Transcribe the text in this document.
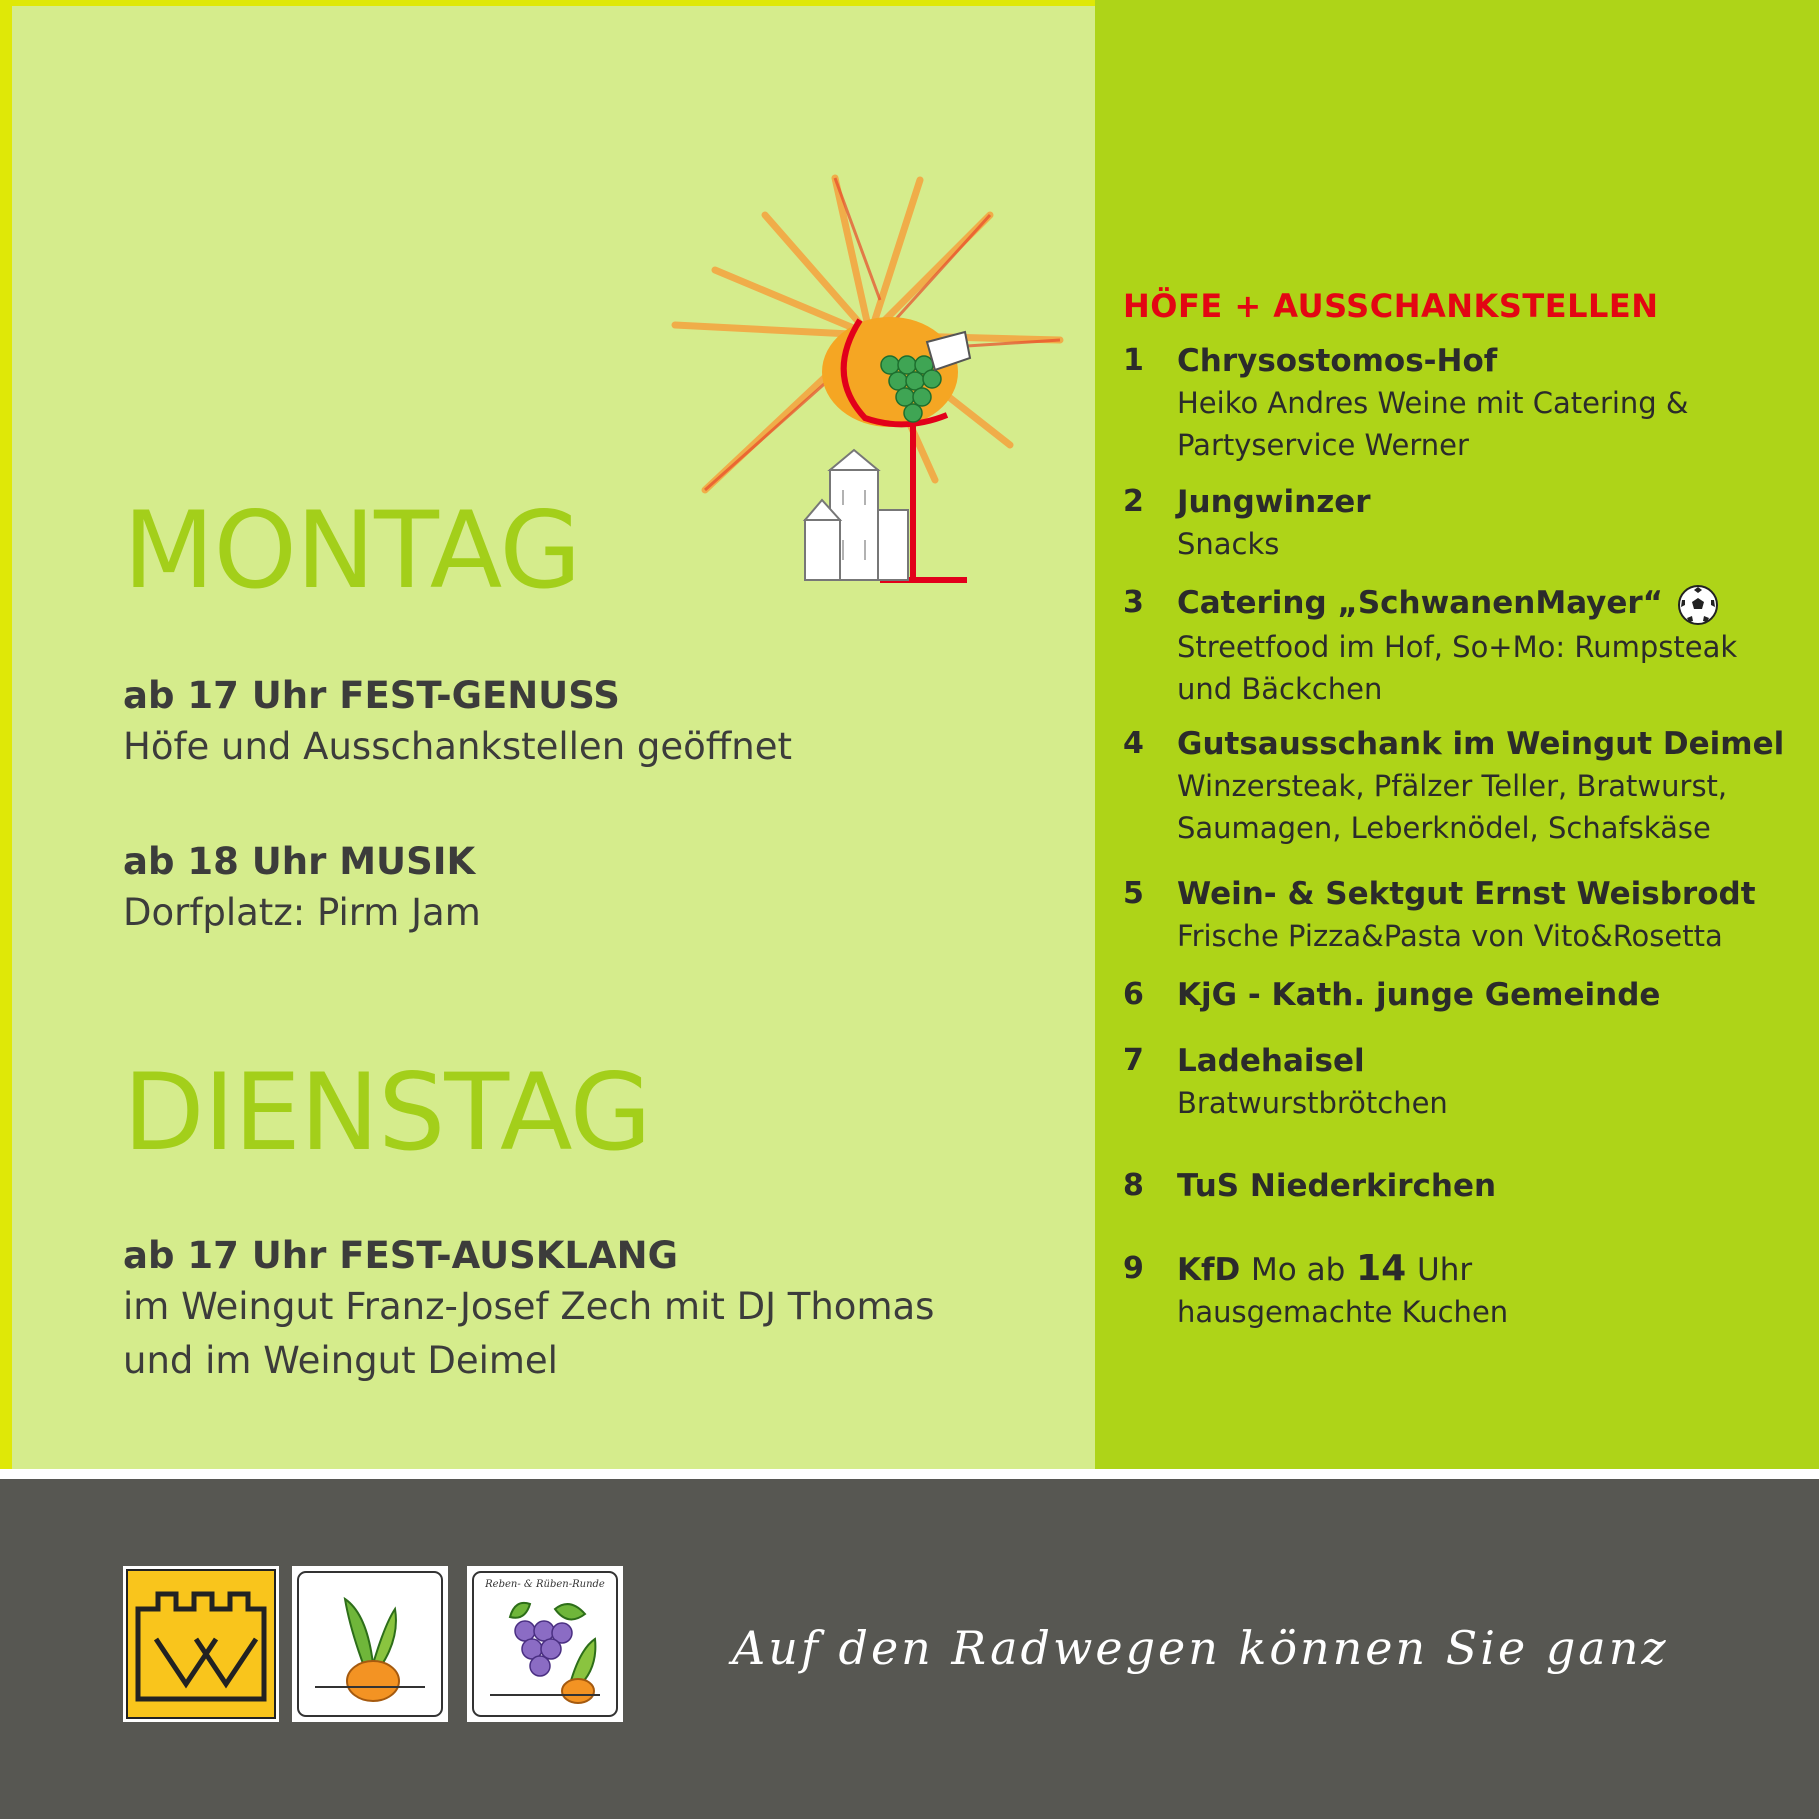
MONTAG
DIENSTAG
ab 17 Uhr FEST-GENUSS
Höfe und Ausschankstellen geöffnet
ab 18 Uhr MUSIK
Dorfplatz: Pirm Jam
ab 17 Uhr FEST-AUSKLANG
im Weingut Franz-Josef Zech mit DJ Thomas
und im Weingut Deimel
HÖFE + AUSSCHANKSTELLEN
1	Chrysostomos-Hof
Heiko Andres Weine mit Catering &
Partyservice Werner
2	Jungwinzer
Snacks
3	Catering „SchwanenMayer“
Streetfood im Hof, So+Mo: Rumpsteak
und Bäckchen
4	Gutsausschank im Weingut Deimel
Winzersteak, Pfälzer Teller, Bratwurst,
Saumagen, Leberknödel, Schafskäse
5	Wein- & Sektgut Ernst Weisbrodt
Frische Pizza&Pasta von Vito&Rosetta
6	KjG - Kath. junge Gemeinde
7	Ladehaisel
Bratwurstbrötchen
8	TuS Niederkirchen
9	KfD Mo ab 14 Uhr
hausgemachte Kuchen
Reben- & Rüben-Runde
Auf den Radwegen können Sie ganz
